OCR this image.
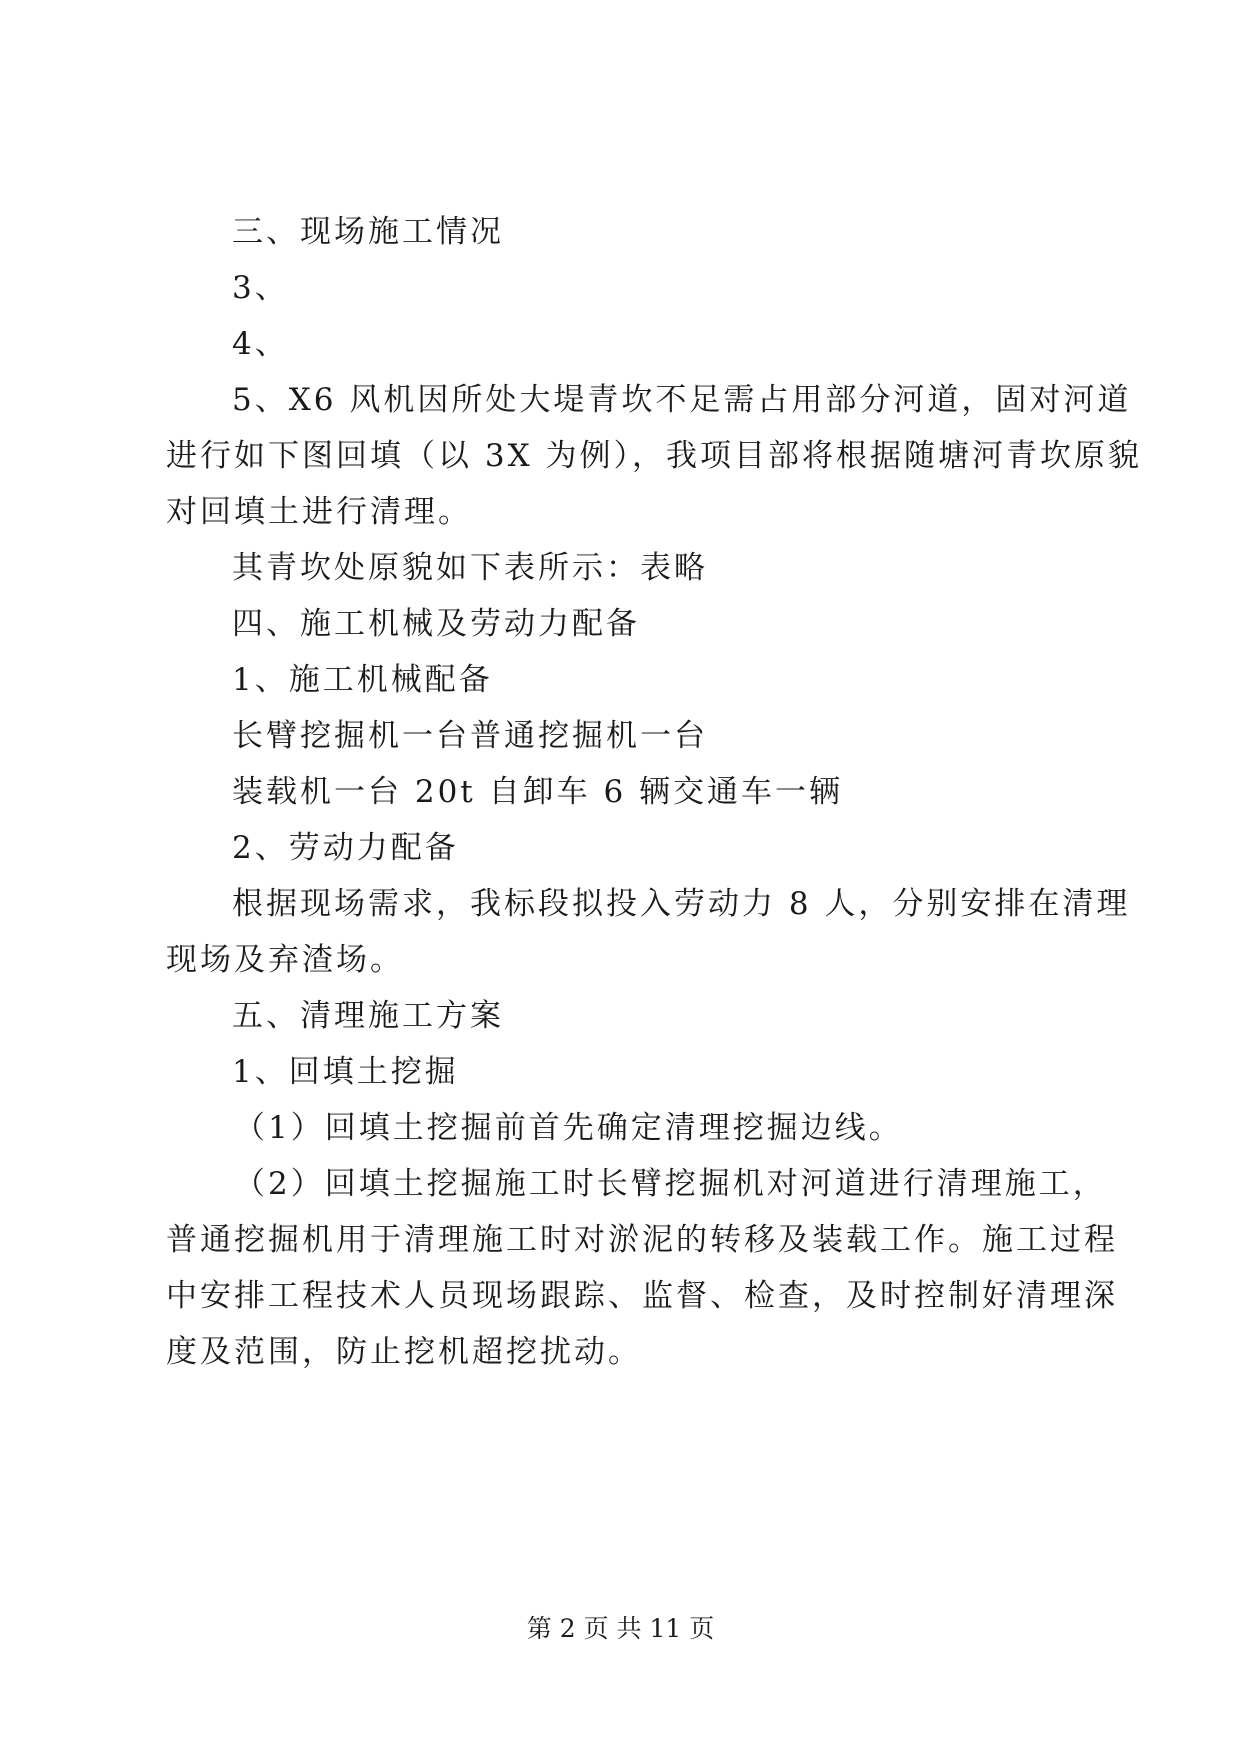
三、现场施工情况

3、

4、

5、X6 风机因所处大堤青坎不足需占用部分河道，固对河道

进行如下图回填（以 3X 为例），我项目部将根据随塘河青坎原貌

对回填土进行清理。

其青坎处原貌如下表所示：表略

四、施工机械及劳动力配备

1、施工机械配备

长臂挖掘机一台普通挖掘机一台

装载机一台 20t 自卸车 6 辆交通车一辆

2、劳动力配备

根据现场需求，我标段拟投入劳动力 8 人，分别安排在清理

现场及弃渣场。

五、清理施工方案

1、回填土挖掘

（1）回填土挖掘前首先确定清理挖掘边线。

（2）回填土挖掘施工时长臂挖掘机对河道进行清理施工，

普通挖掘机用于清理施工时对淤泥的转移及装载工作。施工过程

中安排工程技术人员现场跟踪、监督、检查，及时控制好清理深

度及范围，防止挖机超挖扰动。

第 2 页 共 11 页
